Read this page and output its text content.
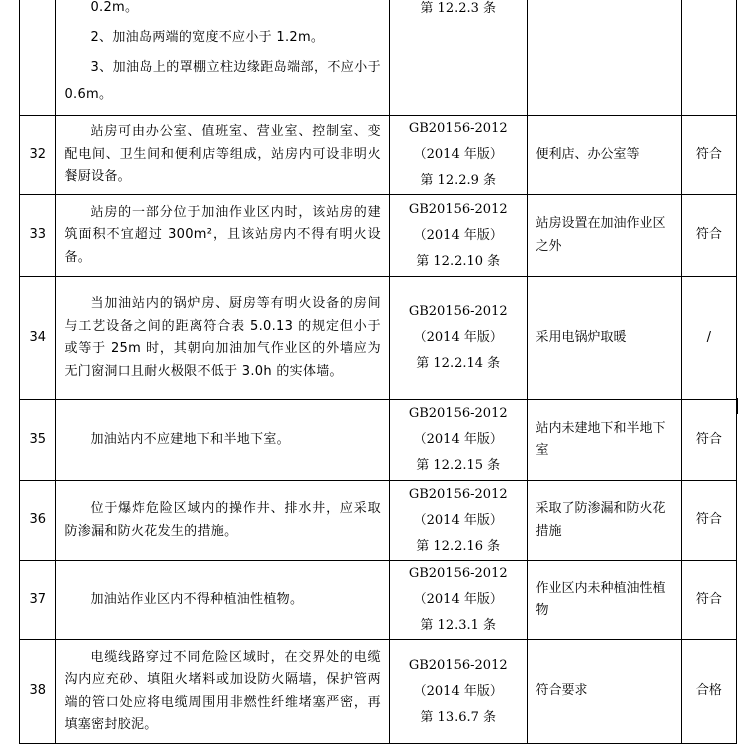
	0.2m。

2、加油岛两端的宽度不应小于 1.2m。

3、加油岛上的罩棚立柱边缘距岛端部，不应小于 0.6m。	第 12.2.3 条		

32	站房可由办公室、值班室、营业室、控制室、变配电间、卫生间和便利店等组成，站房内可设非明火餐厨设备。	GB20156-2012
（2014 年版）
第 12.2.9 条	便利店、办公室等	符合
33	站房的一部分位于加油作业区内时，该站房的建筑面积不宜超过 300m²，且该站房内不得有明火设备。	GB20156-2012
（2014 年版）
第 12.2.10 条	站房设置在加油作业区之外	符合
34	当加油站内的锅炉房、厨房等有明火设备的房间与工艺设备之间的距离符合表 5.0.13 的规定但小于或等于 25m 时，其朝向加油加气作业区的外墙应为无门窗洞口且耐火极限不低于 3.0h 的实体墙。	GB20156-2012
（2014 年版）
第 12.2.14 条	采用电锅炉取暖	/
35	加油站内不应建地下和半地下室。	GB20156-2012
（2014 年版）
第 12.2.15 条	站内未建地下和半地下室	符合
36	位于爆炸危险区域内的操作井、排水井，应采取防渗漏和防火花发生的措施。	GB20156-2012
（2014 年版）
第 12.2.16 条	采取了防渗漏和防火花措施	符合
37	加油站作业区内不得种植油性植物。	GB20156-2012
（2014 年版）
第 12.3.1 条	作业区内未种植油性植物	符合
38	电缆线路穿过不同危险区域时，在交界处的电缆沟内应充砂、填阻火堵料或加设防火隔墙，保护管两端的管口处应将电缆周围用非燃性纤维堵塞严密，再填塞密封胶泥。	GB20156-2012
（2014 年版）
第 13.6.7 条	符合要求	合格
